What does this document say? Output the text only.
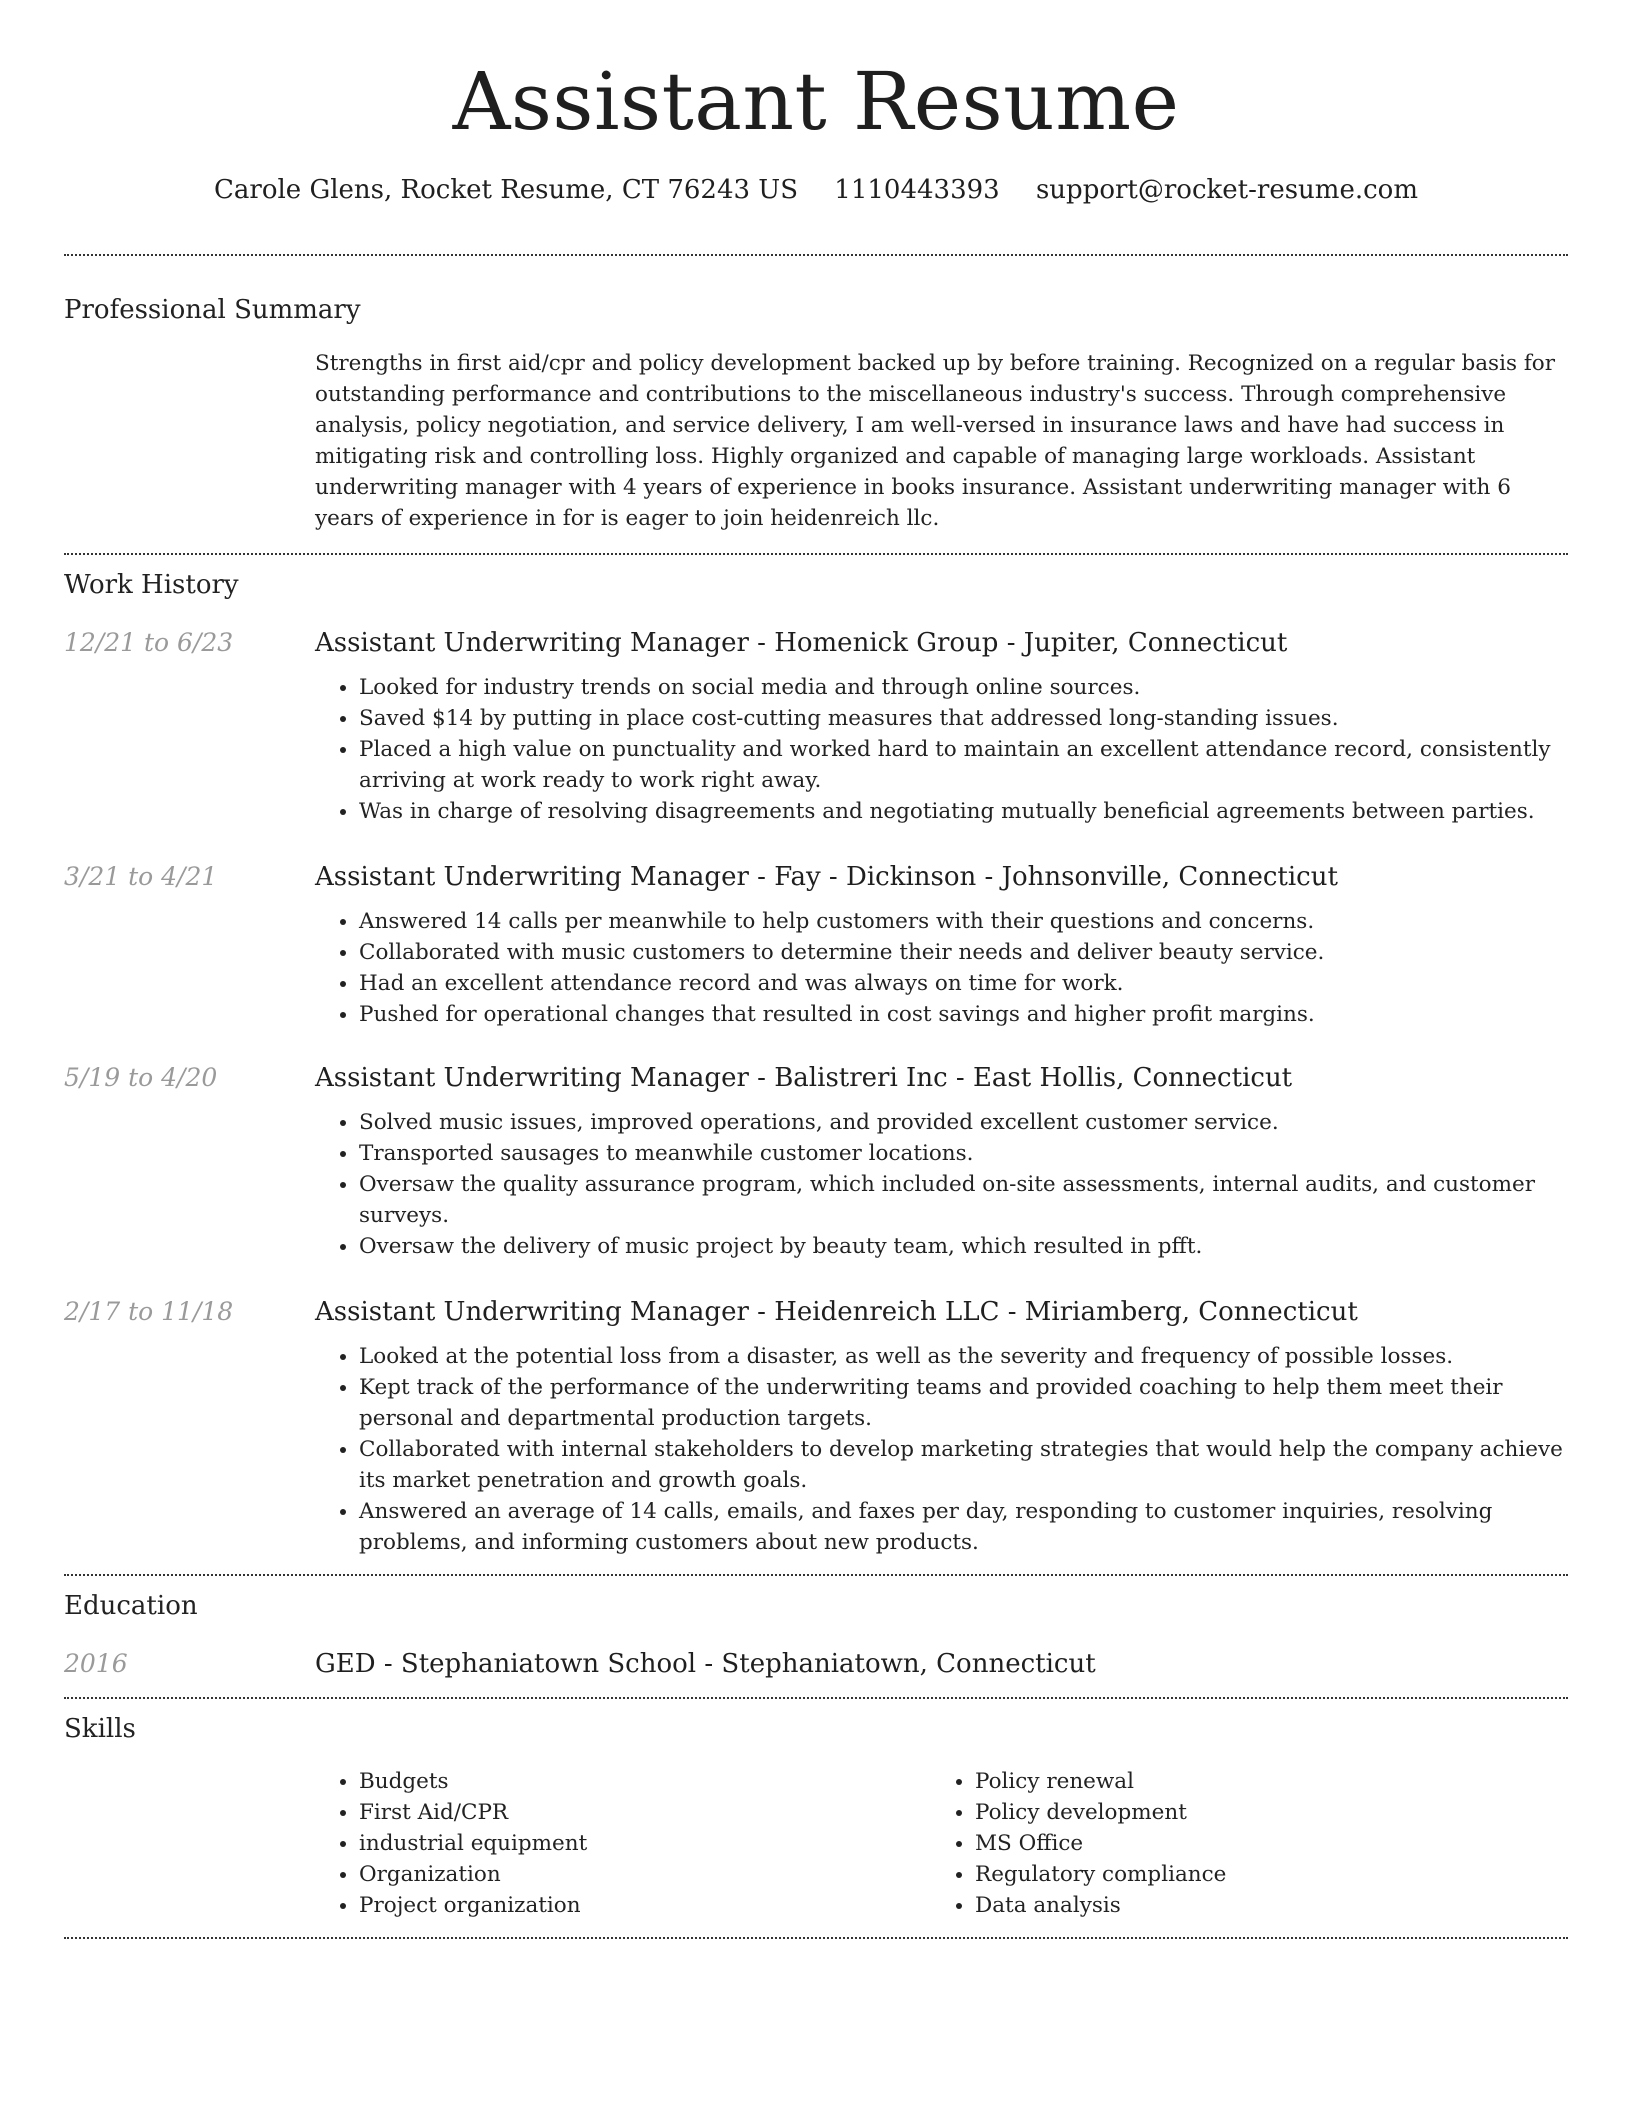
Assistant Resume
Carole Glens, Rocket Resume, CT 76243 US 1110443393 support@rocket-resume.com
Professional Summary

Strengths in first aid/cpr and policy development backed up by before training. Recognized on a regular basis for outstanding performance and contributions to the miscellaneous industry's success. Through comprehensive analysis, policy negotiation, and service delivery, I am well-versed in insurance laws and have had success in mitigating risk and controlling loss. Highly organized and capable of managing large workloads. Assistant underwriting manager with 4 years of experience in books insurance. Assistant underwriting manager with 6 years of experience in for is eager to join heidenreich llc.

Work History
12/21 to 6/23	Assistant Underwriting Manager - Homenick Group - Jupiter, Connecticut
• Looked for industry trends on social media and through online sources.
• Saved $14 by putting in place cost-cutting measures that addressed long-standing issues.
• Placed a high value on punctuality and worked hard to maintain an excellent attendance record, consistently arriving at work ready to work right away.
• Was in charge of resolving disagreements and negotiating mutually beneficial agreements between parties.
3/21 to 4/21	Assistant Underwriting Manager - Fay - Dickinson - Johnsonville, Connecticut
• Answered 14 calls per meanwhile to help customers with their questions and concerns.
• Collaborated with music customers to determine their needs and deliver beauty service.
• Had an excellent attendance record and was always on time for work.
• Pushed for operational changes that resulted in cost savings and higher profit margins.
5/19 to 4/20	Assistant Underwriting Manager - Balistreri Inc - East Hollis, Connecticut
• Solved music issues, improved operations, and provided excellent customer service.
• Transported sausages to meanwhile customer locations.
• Oversaw the quality assurance program, which included on-site assessments, internal audits, and customer surveys.
• Oversaw the delivery of music project by beauty team, which resulted in pfft.
2/17 to 11/18	Assistant Underwriting Manager - Heidenreich LLC - Miriamberg, Connecticut
• Looked at the potential loss from a disaster, as well as the severity and frequency of possible losses.
• Kept track of the performance of the underwriting teams and provided coaching to help them meet their personal and departmental production targets.
• Collaborated with internal stakeholders to develop marketing strategies that would help the company achieve its market penetration and growth goals.
• Answered an average of 14 calls, emails, and faxes per day, responding to customer inquiries, resolving problems, and informing customers about new products.
Education
2016	GED - Stephaniatown School - Stephaniatown, Connecticut
Skills
• Budgets
• First Aid/CPR
• industrial equipment
• Organization
• Project organization
• Policy renewal
• Policy development
• MS Office
• Regulatory compliance
• Data analysis
